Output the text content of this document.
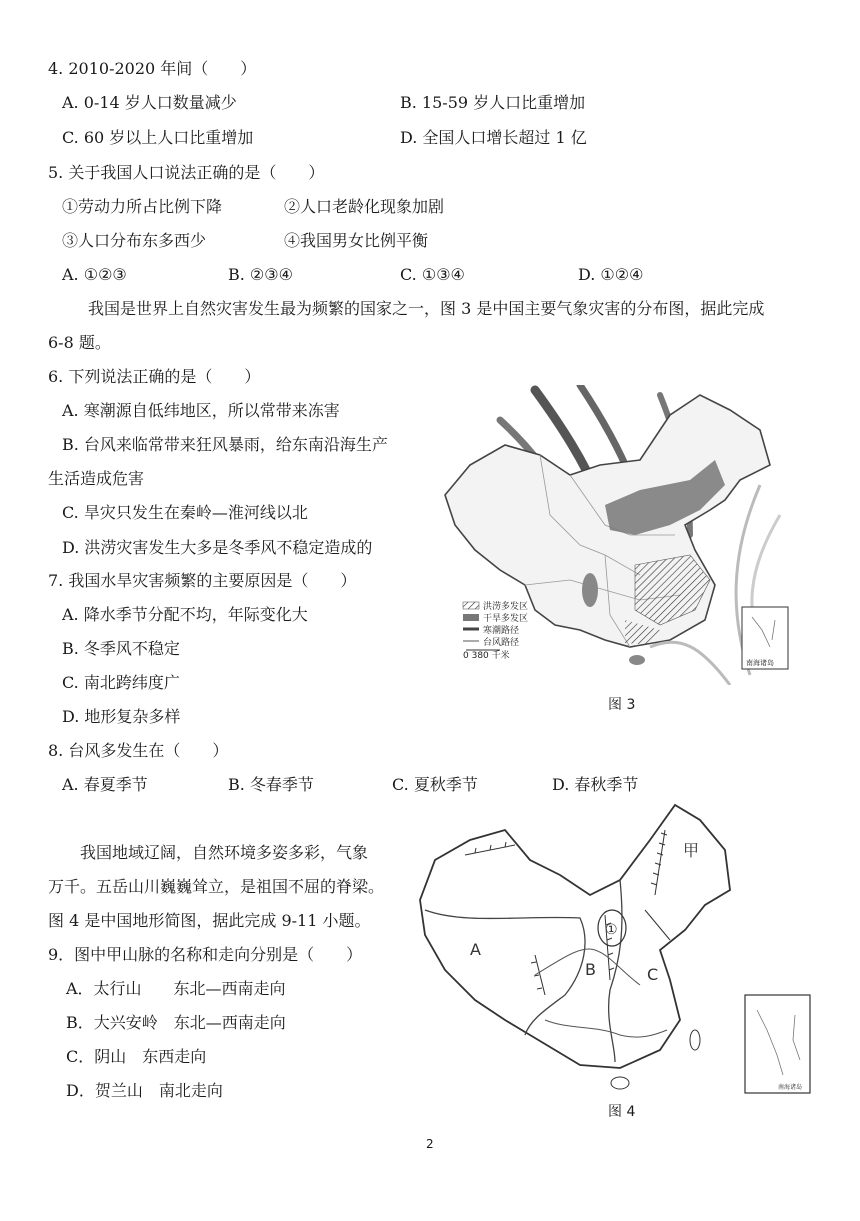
4. 2010-2020 年间（　　）
A. 0-14 岁人口数量减少	B. 15-59 岁人口比重增加
C. 60 岁以上人口比重增加	D. 全国人口增长超过 1 亿
5. 关于我国人口说法正确的是（　　）
①劳动力所占比例下降	②人口老龄化现象加剧
③人口分布东多西少	④我国男女比例平衡
A. ①②③	B. ②③④	C. ①③④	D. ①②④
我国是世界上自然灾害发生最为频繁的国家之一，图 3 是中国主要气象灾害的分布图，据此完成
6-8 题。
6. 下列说法正确的是（　　）
A. 寒潮源自低纬地区，所以常带来冻害
B. 台风来临常带来狂风暴雨，给东南沿海生产
生活造成危害
C. 旱灾只发生在秦岭—淮河线以北
D. 洪涝灾害发生大多是冬季风不稳定造成的
7. 我国水旱灾害频繁的主要原因是（　　）
A. 降水季节分配不均，年际变化大
B. 冬季风不稳定
C. 南北跨纬度广
D. 地形复杂多样
8. 台风多发生在（　　）
A. 春夏季节	B. 冬春季节	C. 夏秋季节	D. 春秋季节
我国地域辽阔，自然环境多姿多彩，气象
万千。五岳山川巍巍耸立，是祖国不屈的脊梁。
图 4 是中国地形简图，据此完成 9-11 小题。
9．图中甲山脉的名称和走向分别是（　　）
A．太行山　　东北—西南走向
B．大兴安岭　东北—西南走向
C．阴山　东西走向
D．贺兰山　南北走向
洪涝多发区
干旱多发区
寒潮路径
台风路径
0 380 千米
南海诸岛
图 3
甲
①
A
B	C
南海诸岛
图 4
2
